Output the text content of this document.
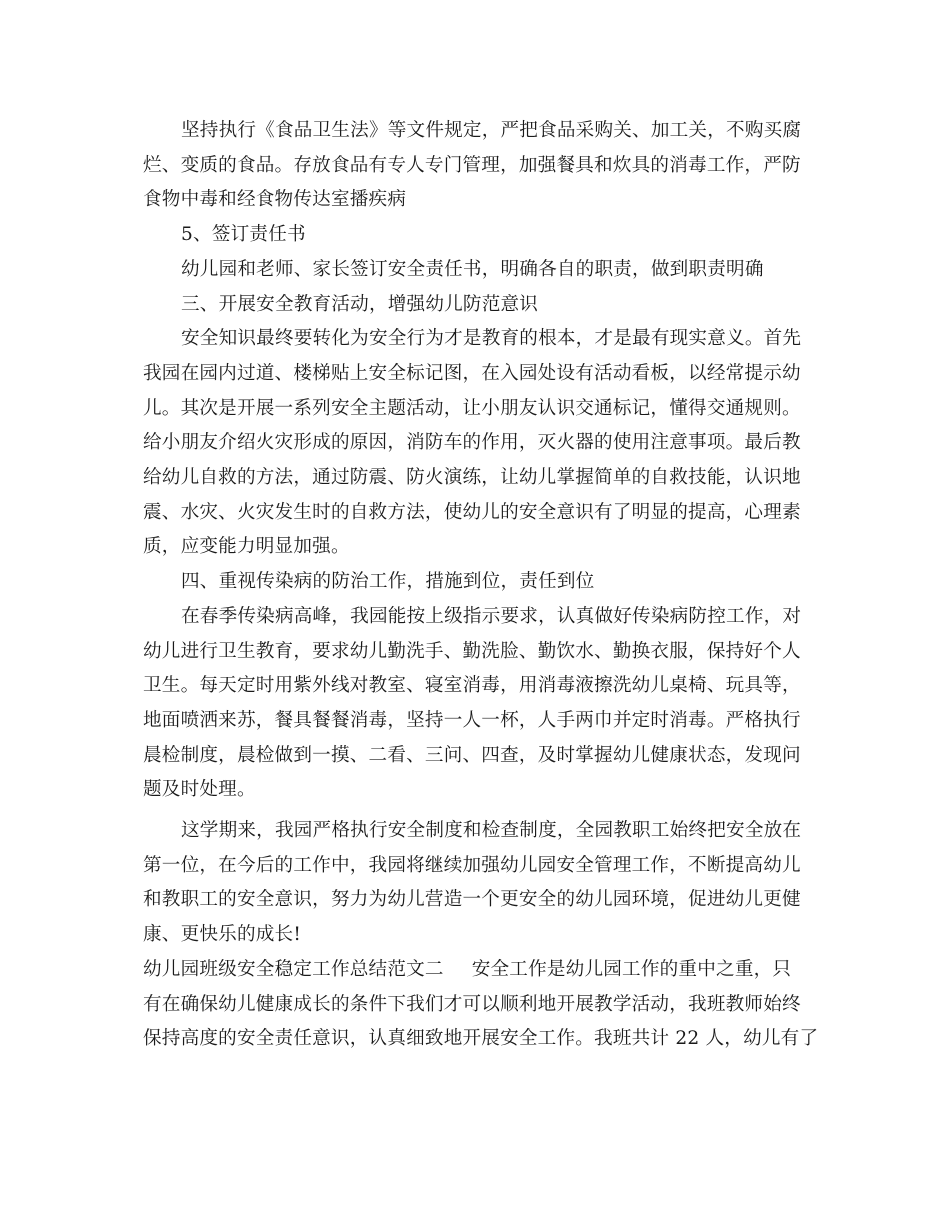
坚持执行《食品卫生法》等文件规定，严把食品采购关、加工关，不购买腐
烂、变质的食品。存放食品有专人专门管理，加强餐具和炊具的消毒工作，严防
食物中毒和经食物传达室播疾病
5、签订责任书
幼儿园和老师、家长签订安全责任书，明确各自的职责，做到职责明确
三、开展安全教育活动，增强幼儿防范意识
安全知识最终要转化为安全行为才是教育的根本，才是最有现实意义。首先
我园在园内过道、楼梯贴上安全标记图，在入园处设有活动看板，以经常提示幼
儿。其次是开展一系列安全主题活动，让小朋友认识交通标记，懂得交通规则。
给小朋友介绍火灾形成的原因，消防车的作用，灭火器的使用注意事项。最后教
给幼儿自救的方法，通过防震、防火演练，让幼儿掌握简单的自救技能，认识地
震、水灾、火灾发生时的自救方法，使幼儿的安全意识有了明显的提高，心理素
质，应变能力明显加强。
四、重视传染病的防治工作，措施到位，责任到位
在春季传染病高峰，我园能按上级指示要求，认真做好传染病防控工作，对
幼儿进行卫生教育，要求幼儿勤洗手、勤洗脸、勤饮水、勤换衣服，保持好个人
卫生。每天定时用紫外线对教室、寝室消毒，用消毒液擦洗幼儿桌椅、玩具等，
地面喷洒来苏，餐具餐餐消毒，坚持一人一杯，人手两巾并定时消毒。严格执行
晨检制度，晨检做到一摸、二看、三问、四查，及时掌握幼儿健康状态，发现问
题及时处理。
这学期来，我园严格执行安全制度和检查制度，全园教职工始终把安全放在
第一位，在今后的工作中，我园将继续加强幼儿园安全管理工作，不断提高幼儿
和教职工的安全意识，努力为幼儿营造一个更安全的幼儿园环境，促进幼儿更健
康、更快乐的成长!
幼儿园班级安全稳定工作总结范文二 安全工作是幼儿园工作的重中之重，只
有在确保幼儿健康成长的条件下我们才可以顺利地开展教学活动，我班教师始终
保持高度的安全责任意识，认真细致地开展安全工作。我班共计 22 人，幼儿有了
